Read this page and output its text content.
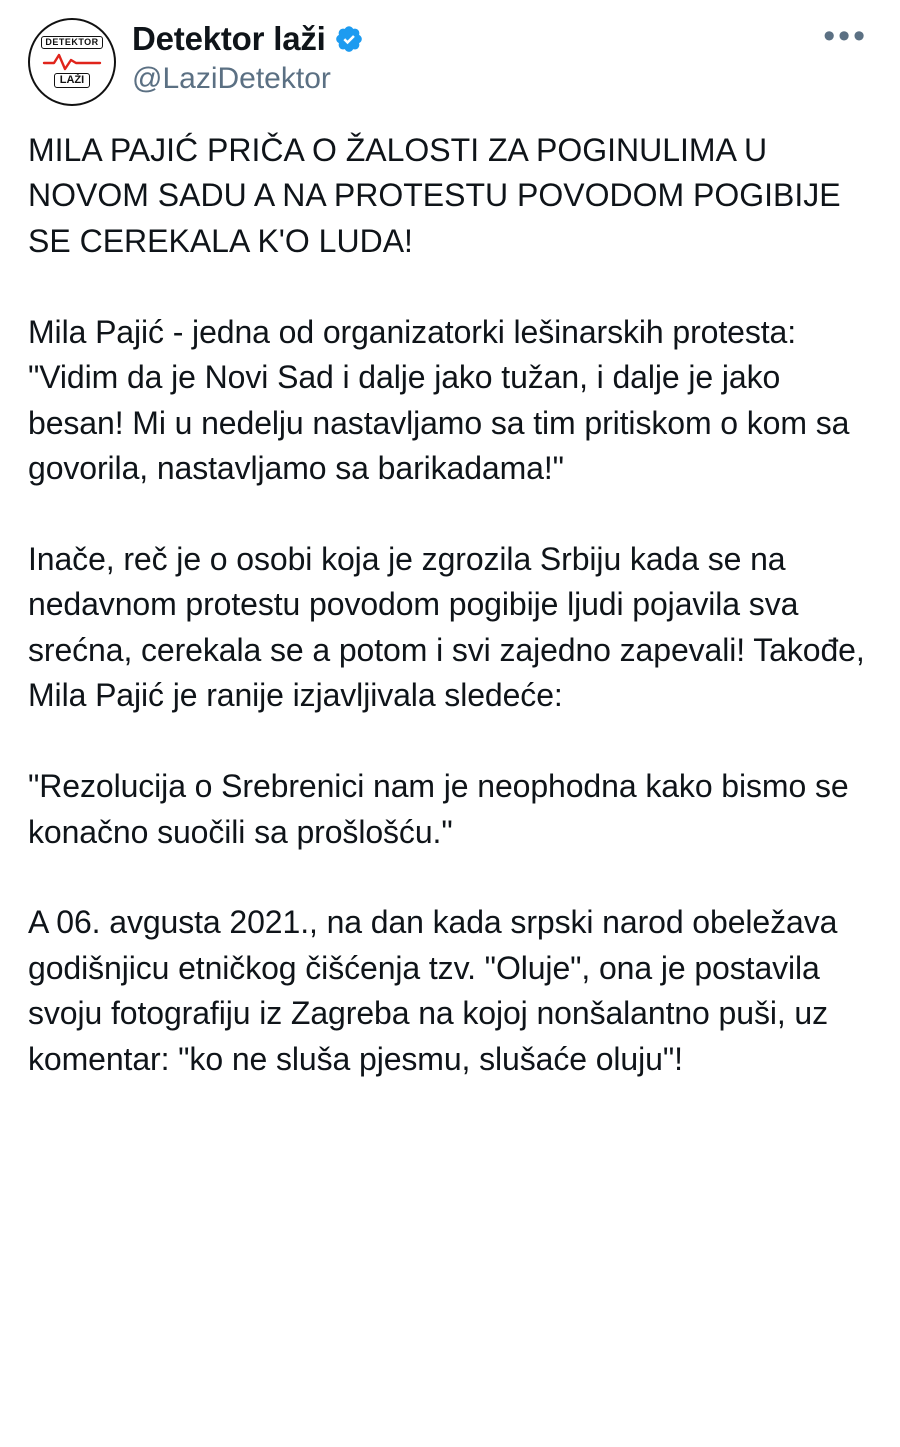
DETEKTOR
LAŽI
Detektor laži
@LaziDetektor
•••

MILA PAJIĆ PRIČA O ŽALOSTI ZA POGINULIMA U NOVOM SADU A NA PROTESTU POVODOM POGIBIJE SE CEREKALA K'O LUDA!

Mila Pajić - jedna od organizatorki lešinarskih protesta: "Vidim da je Novi Sad i dalje jako tužan, i dalje je jako besan! Mi u nedelju nastavljamo sa tim pritiskom o kom sa govorila, nastavljamo sa barikadama!"

Inače, reč je o osobi koja je zgrozila Srbiju kada se na nedavnom protestu povodom pogibije ljudi pojavila sva srećna, cerekala se a potom i svi zajedno zapevali! Takođe, Mila Pajić je ranije izjavljivala sledeće:

"Rezolucija o Srebrenici nam je neophodna kako bismo se konačno suočili sa prošlošću."

A 06. avgusta 2021., na dan kada srpski narod obeležava godišnjicu etničkog čišćenja tzv. "Oluje", ona je postavila svoju fotografiju iz Zagreba na kojoj nonšalantno puši, uz komentar: "ko ne sluša pjesmu, slušaće oluju"!
